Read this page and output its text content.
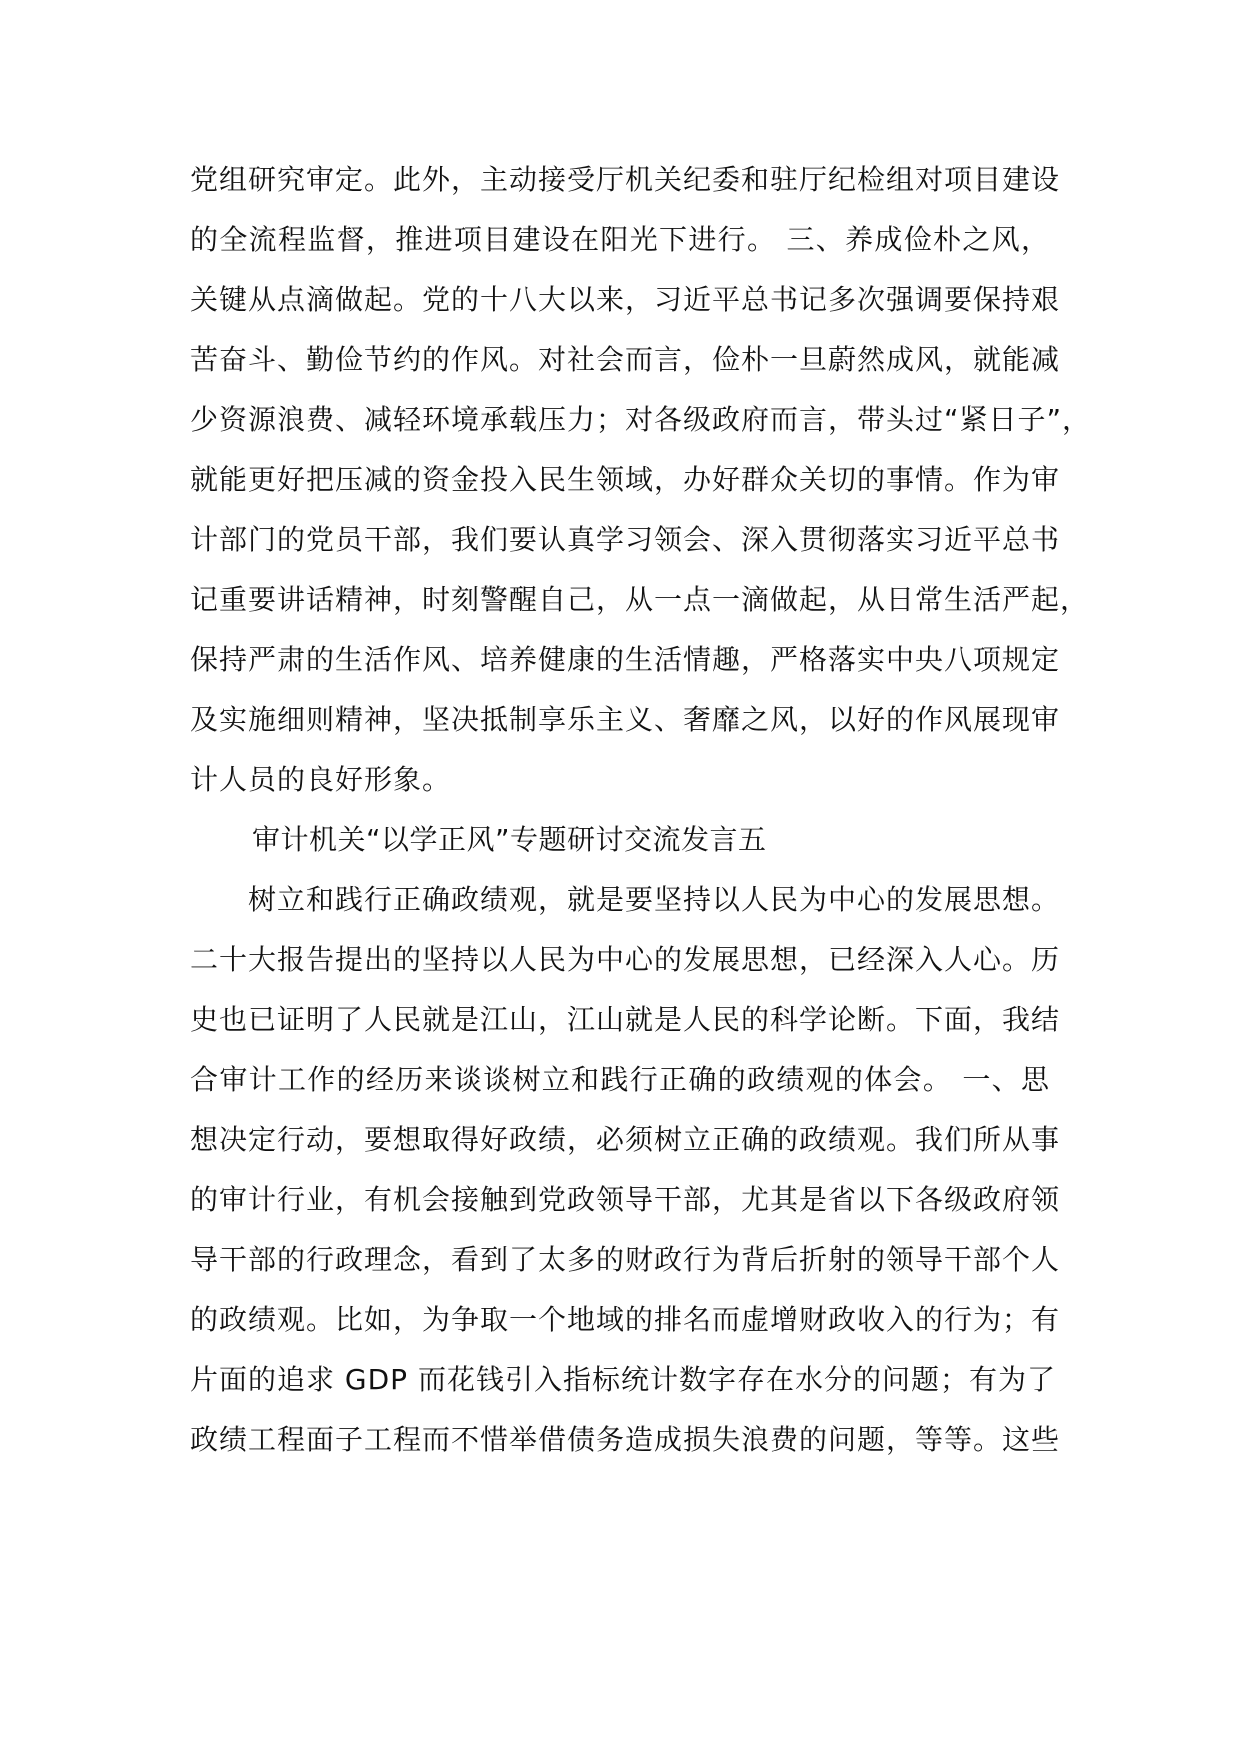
党组研究审定。此外，主动接受厅机关纪委和驻厅纪检组对项目建设
的全流程监督，推进项目建设在阳光下进行。 三、养成俭朴之风，
关键从点滴做起。党的十八大以来，习近平总书记多次强调要保持艰
苦奋斗、勤俭节约的作风。对社会而言，俭朴一旦蔚然成风，就能减
少资源浪费、减轻环境承载压力；对各级政府而言，带头过“紧日子”，
就能更好把压减的资金投入民生领域，办好群众关切的事情。作为审
计部门的党员干部，我们要认真学习领会、深入贯彻落实习近平总书
记重要讲话精神，时刻警醒自己，从一点一滴做起，从日常生活严起，
保持严肃的生活作风、培养健康的生活情趣，严格落实中央八项规定
及实施细则精神，坚决抵制享乐主义、奢靡之风，以好的作风展现审
计人员的良好形象。
审计机关“以学正风”专题研讨交流发言五
树立和践行正确政绩观，就是要坚持以人民为中心的发展思想。
二十大报告提出的坚持以人民为中心的发展思想，已经深入人心。历
史也已证明了人民就是江山，江山就是人民的科学论断。下面，我结
合审计工作的经历来谈谈树立和践行正确的政绩观的体会。 一、思
想决定行动，要想取得好政绩，必须树立正确的政绩观。我们所从事
的审计行业，有机会接触到党政领导干部，尤其是省以下各级政府领
导干部的行政理念，看到了太多的财政行为背后折射的领导干部个人
的政绩观。比如，为争取一个地域的排名而虚增财政收入的行为；有
片面的追求 GDP 而花钱引入指标统计数字存在水分的问题；有为了
政绩工程面子工程而不惜举借债务造成损失浪费的问题，等等。这些
